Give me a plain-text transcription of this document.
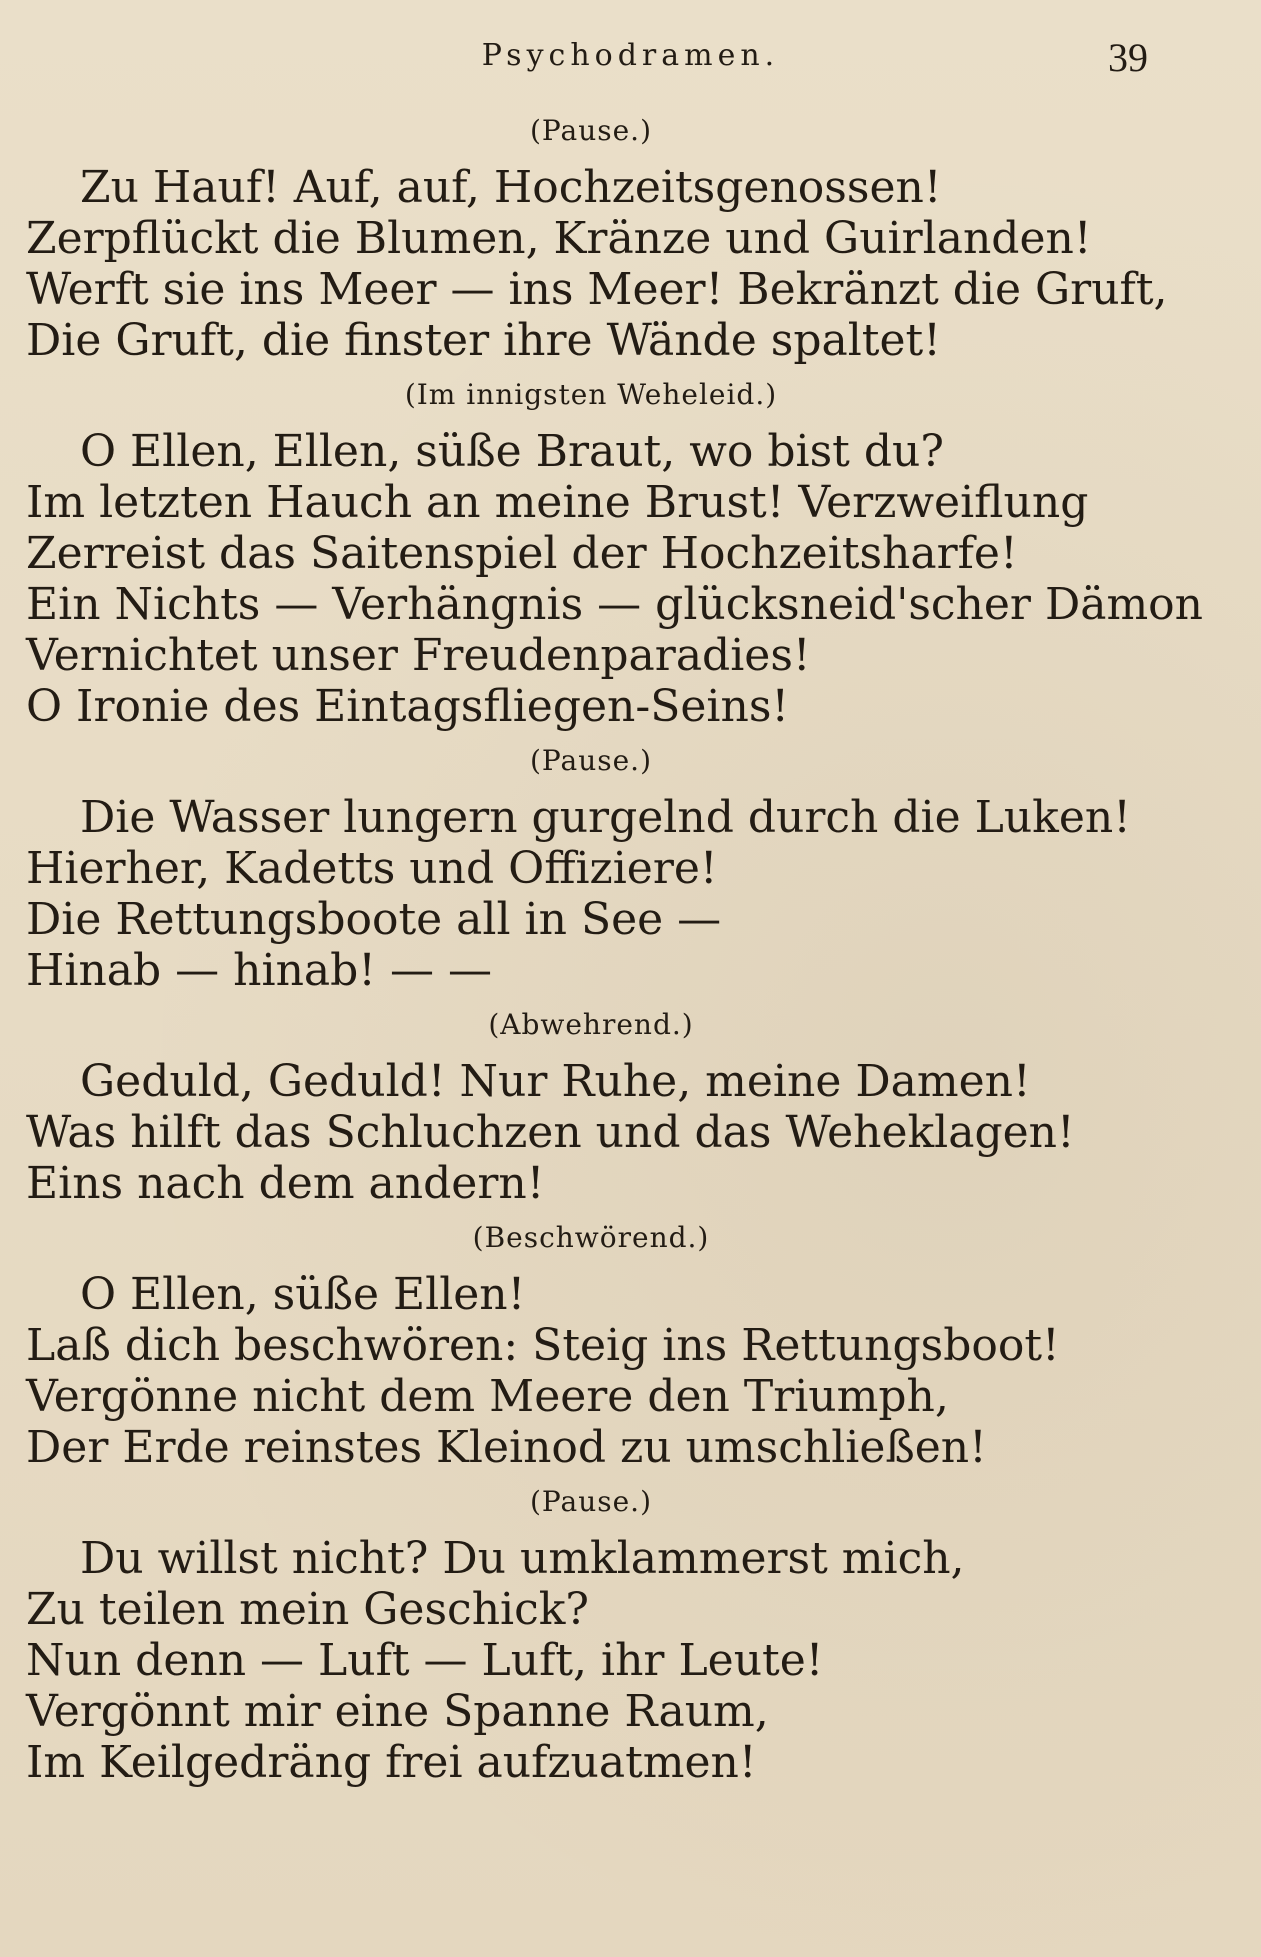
Psychodramen.	39
(Pause.)
Zu Hauf! Auf, auf, Hochzeitsgenossen!
Zerpflückt die Blumen, Kränze und Guirlanden!
Werft sie ins Meer — ins Meer! Bekränzt die Gruft,
Die Gruft, die finster ihre Wände spaltet!
(Im innigsten Weheleid.)
O Ellen, Ellen, süße Braut, wo bist du?
Im letzten Hauch an meine Brust! Verzweiflung
Zerreist das Saitenspiel der Hochzeitsharfe!
Ein Nichts — Verhängnis — glücksneid'scher Dämon
Vernichtet unser Freudenparadies!
O Ironie des Eintagsfliegen-Seins!
(Pause.)
Die Wasser lungern gurgelnd durch die Luken!
Hierher, Kadetts und Offiziere!
Die Rettungsboote all in See —
Hinab — hinab! — —
(Abwehrend.)
Geduld, Geduld! Nur Ruhe, meine Damen!
Was hilft das Schluchzen und das Weheklagen!
Eins nach dem andern!
(Beschwörend.)
O Ellen, süße Ellen!
Laß dich beschwören: Steig ins Rettungsboot!
Vergönne nicht dem Meere den Triumph,
Der Erde reinstes Kleinod zu umschließen!
(Pause.)
Du willst nicht? Du umklammerst mich,
Zu teilen mein Geschick?
Nun denn — Luft — Luft, ihr Leute!
Vergönnt mir eine Spanne Raum,
Im Keilgedräng frei aufzuatmen!
